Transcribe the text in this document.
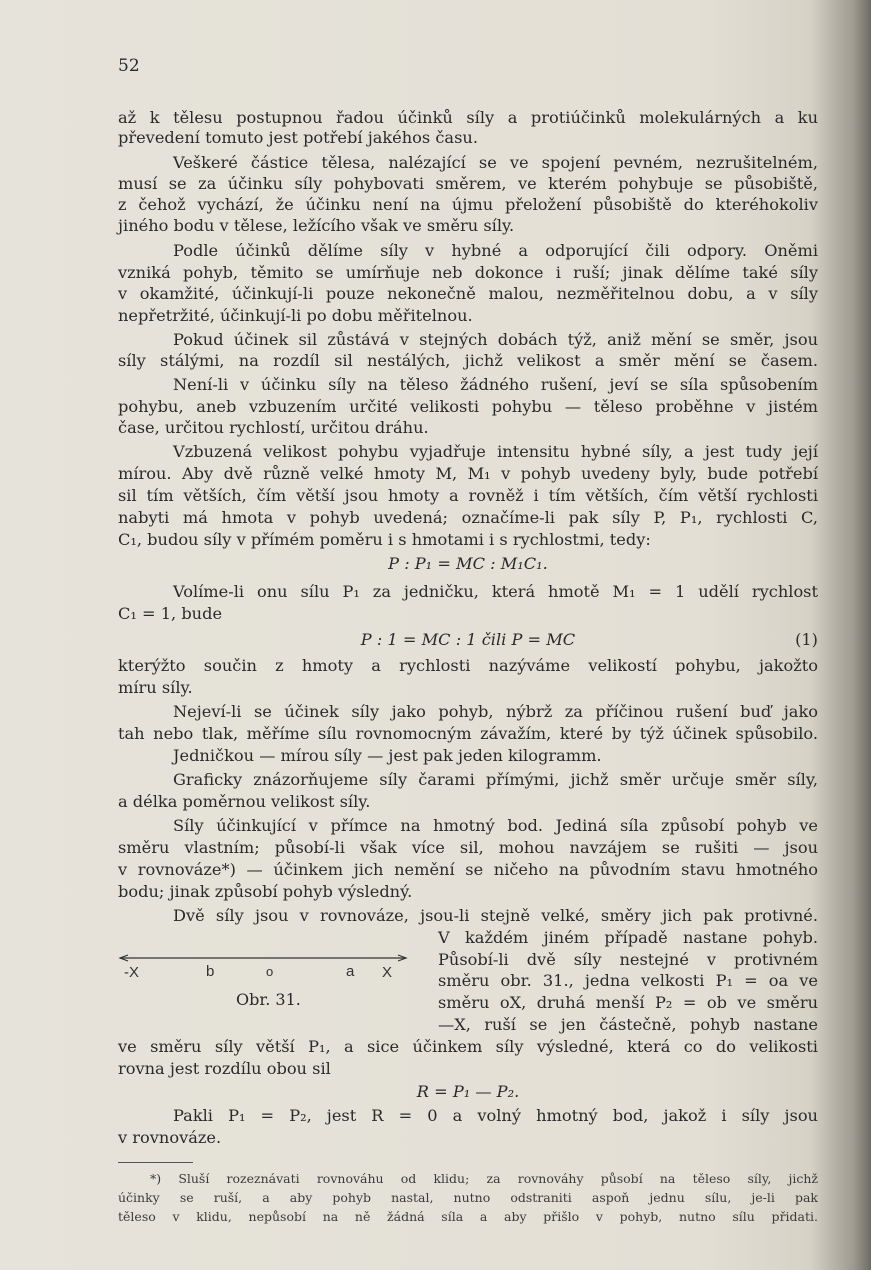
52
až k tělesu postupnou řadou účinků síly a protiúčinků molekulárných a ku
převedení tomuto jest potřebí jakéhos času.
Veškeré částice tělesa, nalézající se ve spojení pevném, nezrušitelném,
musí se za účinku síly pohybovati směrem, ve kterém pohybuje se působiště,
z čehož vychází, že účinku není na újmu přeložení působiště do kteréhokoliv
jiného bodu v tělese, ležícího však ve směru síly.
Podle účinků dělíme síly v hybné a odporující čili odpory. Oněmi
vzniká pohyb, těmito se umírňuje neb dokonce i ruší; jinak dělíme také síly
v okamžité, účinkují-li pouze nekonečně malou, nezměřitelnou dobu, a v síly
nepřetržité, účinkují-li po dobu měřitelnou.
Pokud účinek sil zůstává v stejných dobách týž, aniž mění se směr, jsou
síly stálými, na rozdíl sil nestálých, jichž velikost a směr mění se časem.
Není-li v účinku síly na těleso žádného rušení, jeví se síla spůsobením
pohybu, aneb vzbuzením určité velikosti pohybu — těleso proběhne v jistém
čase, určitou rychlostí, určitou dráhu.
Vzbuzená velikost pohybu vyjadřuje intensitu hybné síly, a jest tudy její
mírou. Aby dvě různě velké hmoty M, M₁ v pohyb uvedeny byly, bude potřebí
sil tím větších, čím větší jsou hmoty a rovněž i tím větších, čím větší rychlosti
nabyti má hmota v pohyb uvedená; označíme-li pak síly P, P₁, rychlosti C,
C₁, budou síly v přímém poměru i s hmotami i s rychlostmi, tedy:
P : P₁ = MC : M₁C₁.
Volíme-li onu sílu P₁ za jedničku, která hmotě M₁ = 1 udělí rychlost
C₁ = 1, bude
P : 1 = MC : 1 čili P = MC	(1)
kterýžto součin z hmoty a rychlosti nazýváme velikostí pohybu, jakožto
míru síly.
Nejeví-li se účinek síly jako pohyb, nýbrž za příčinou rušení buď jako
tah nebo tlak, měříme sílu rovnomocným závažím, které by týž účinek spůsobilo.
Jedničkou — mírou síly — jest pak jeden kilogramm.
Graficky znázorňujeme síly čarami přímými, jichž směr určuje směr síly,
a délka poměrnou velikost síly.
Síly účinkující v přímce na hmotný bod. Jediná síla způsobí pohyb ve
směru vlastním; působí-li však více sil, mohou navzájem se rušiti — jsou
v rovnováze*) — účinkem jich nemění se ničeho na původním stavu hmotného
bodu; jinak způsobí pohyb výsledný.
Dvě síly jsou v rovnováze, jsou-li stejně velké, směry jich pak protivné.
V každém jiném případě nastane pohyb.
Působí-li dvě síly nestejné v protivném
směru obr. 31., jedna velkosti P₁ = oa ve
směru oX, druhá menší P₂ = ob ve směru
—X, ruší se jen částečně, pohyb nastane
ve směru síly větší P₁, a sice účinkem síly výsledné, která co do velikosti
rovna jest rozdílu obou sil
R = P₁ — P₂.
Pakli P₁ = P₂, jest R = 0 a volný hmotný bod, jakož i síly jsou
v rovnováze.
-X	b	o	a X
Obr. 31.
*) Sluší rozeznávati rovnováhu od klidu; za rovnováhy působí na těleso síly, jichž
účinky se ruší, a aby pohyb nastal, nutno odstraniti aspoň jednu sílu, je-li pak
těleso v klidu, nepůsobí na ně žádná síla a aby přišlo v pohyb, nutno sílu přidati.
